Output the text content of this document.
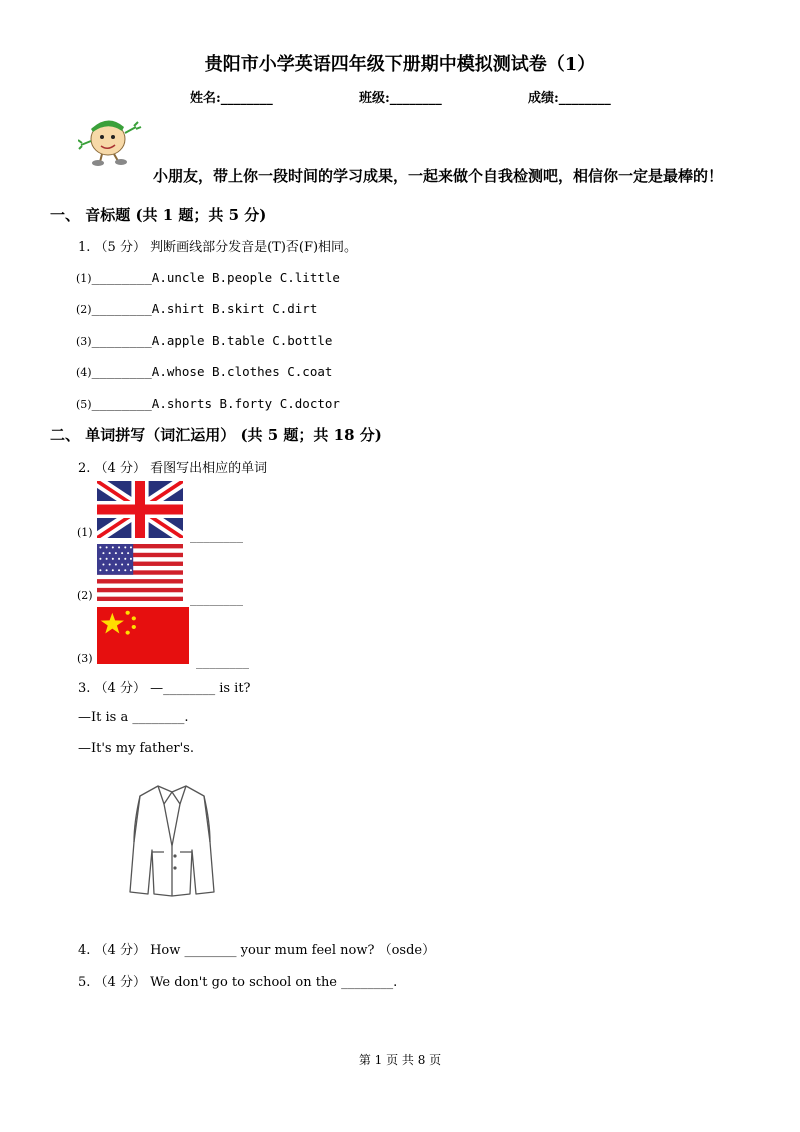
贵阳市小学英语四年级下册期中模拟测试卷（1）
姓名:________	班级:________	成绩:________
小朋友，带上你一段时间的学习成果，一起来做个自我检测吧，相信你一定是最棒的！
一、 音标题 (共 1 题；共 5 分)
1. （5 分） 判断画线部分发音是(T)否(F)相同。
(1)________A.uncle B.people C.little
(2)________A.shirt B.skirt C.dirt
(3)________A.apple B.table C.bottle
(4)________A.whose B.clothes C.coat
(5)________A.shorts B.forty C.doctor
二、 单词拼写（词汇运用） (共 5 题；共 18 分)
2. （4 分） 看图写出相应的单词
(1)	________
(2)	________
(3)	________
3. （4 分） —________ is it?
—It is a ________.
—It's my father's.
4. （4 分） How ________ your mum feel now? （osde）
5. （4 分） We don't go to school on the ________.
第 1 页 共 8 页
